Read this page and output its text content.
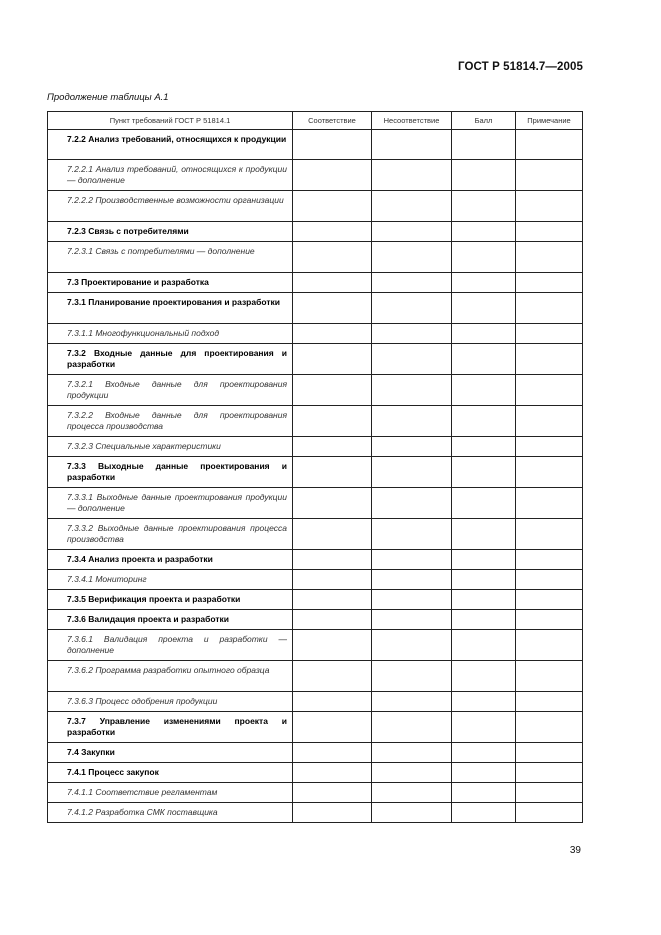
ГОСТ Р 51814.7—2005
Продолжение таблицы А.1
Пункт требований ГОСТ Р 51814.1	Соответствие	Несоответствие	Балл	Примечание

7.2.2 Анализ требований, относящихся к продукции				

7.2.2.1 Анализ требований, относящихся к продукции — дополнение				

7.2.2.2 Производственные возможности организации				

7.2.3 Связь с потребителями				

7.2.3.1 Связь с потребителями — дополнение				

7.3 Проектирование и разработка				

7.3.1 Планирование проектирования и разработки				

7.3.1.1 Многофункциональный подход				

7.3.2 Входные данные для проектирования и разработки				

7.3.2.1 Входные данные для проектирования продукции				

7.3.2.2 Входные данные для проектирования процесса производства				

7.3.2.3 Специальные характеристики				

7.3.3 Выходные данные проектирования и разработки				

7.3.3.1 Выходные данные проектирования продукции — дополнение				

7.3.3.2 Выходные данные проектирования процесса производства				

7.3.4 Анализ проекта и разработки				

7.3.4.1 Мониторинг				

7.3.5 Верификация проекта и разработки				

7.3.6 Валидация проекта и разработки				

7.3.6.1 Валидация проекта и разработки — дополнение				

7.3.6.2 Программа разработки опытного образца				

7.3.6.3 Процесс одобрения продукции				

7.3.7 Управление изменениями проекта и разработки				

7.4 Закупки				

7.4.1 Процесс закупок				

7.4.1.1 Соответствие регламентам				

7.4.1.2 Разработка СМК поставщика				

39
